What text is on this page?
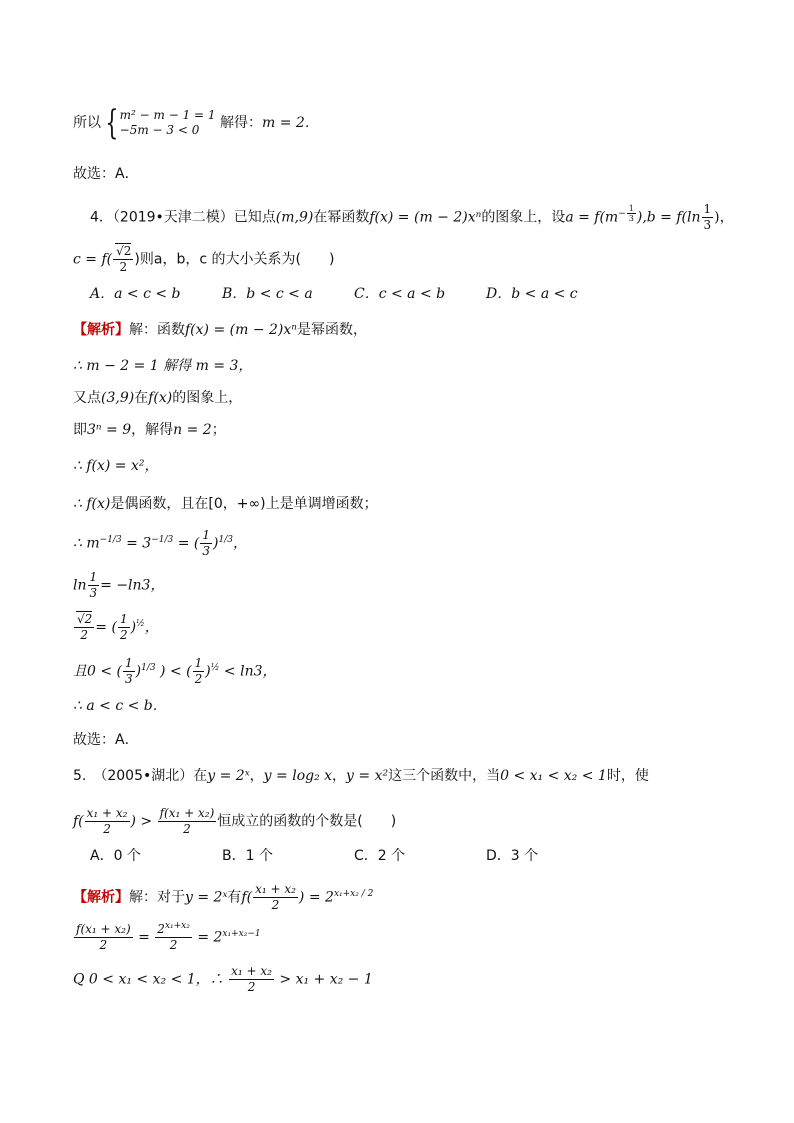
所以 { m² − m − 1 = 1
−5m − 3 < 0	解得：m = 2．
故选：A．
4．（2019•天津二模）已知点(m,9)在幂函数f(x) = (m − 2)xⁿ的图象上，设$a = f(m^{- \frac{1}{3}}$ )$,b = f(\ln \frac{1}{3}$ )，
$c = f( \frac{√2}{2}$ )则a，b，c 的大小关系为(　　)
A．a < c < b	B．b < c < a	C．c < a < b	D．b < a < c
【解析】解：函数f(x) = (m − 2)xⁿ是幂函数，
∴ m − 2 = 1 解得 m = 3，
又点(3,9)在f(x)的图象上，
即3ⁿ = 9，解得n = 2；
∴ f(x) = x²，
∴ f(x)是偶函数，且在[0，+∞)上是单调增函数；
∴ $m^{-1/3} = 3^{-1/3}$ = ( $\frac{1}{3} )^{1/3}$，
$\ln \frac{1}{3} = -\ln 3$，
$\frac{√2}{2}$ = ( $\frac{1}{2} )^{\frac{1}{2}}$，
且0 < ( $\frac{1}{3} )^{1/3}$ ) < ( $\frac{1}{2} )^{\frac{1}{2}} < \ln 3$，
∴ a < c < b．
故选：A．
5.　（2005•湖北）在y = 2ˣ，y = log₂ x，y = x²这三个函数中，当0 < x₁ < x₂ < 1时，使
$f( \frac{\text{x₁ + x₂}}{2}$ ) > $\frac{\text{f(x₁ + x₂)}}{2}$ 恒成立的函数的个数是(　　)
A．0 个	B．1 个	C．2 个	D．3 个
【解析】解：对于y = 2ˣ有$f( \frac{\text{x₁ + x₂}}{2}$ ) = $2^{x_1+x_2 / 2}$
$\frac{\text{f(x₁ + x₂)}}{2} = \frac{2^{x_1+x_2}}{2} = 2^{x_1+x_2-1}$
Q 0 < x₁ < x₂ < 1，∴ $\frac{\text{x₁ + x₂}}{2} > x_1 + x_2 - 1$
